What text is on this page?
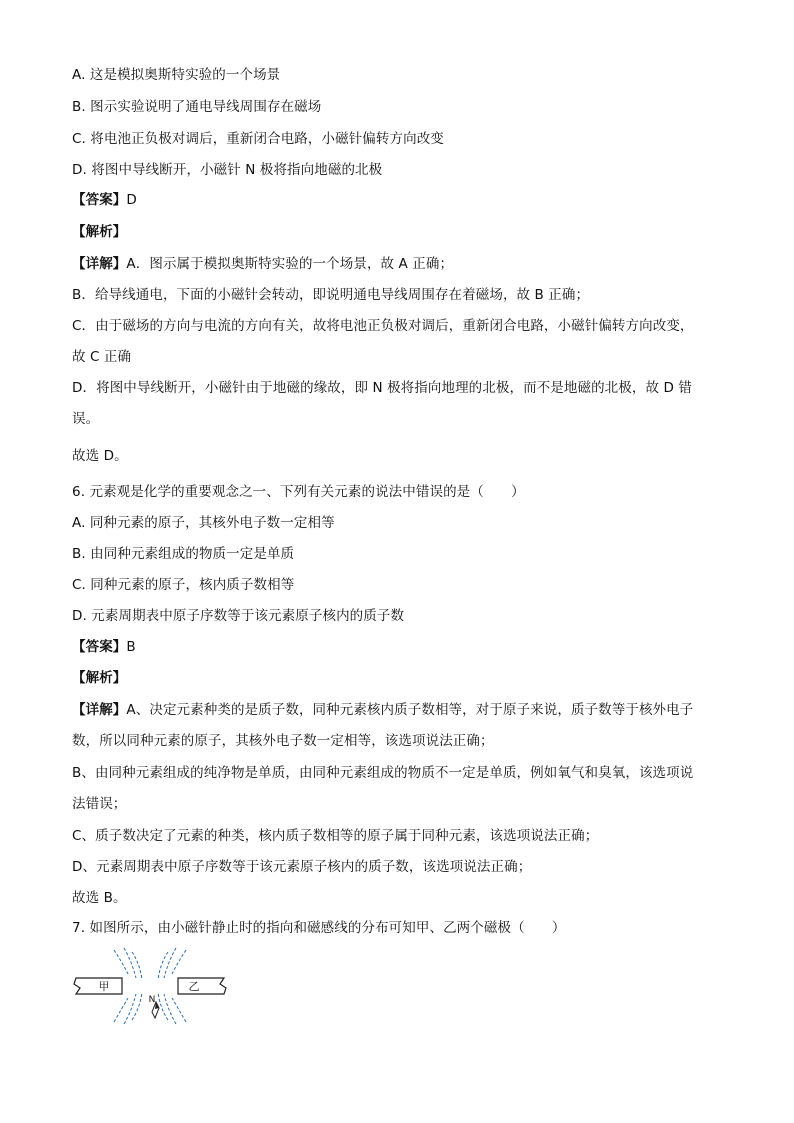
A. 这是模拟奥斯特实验的一个场景
B. 图示实验说明了通电导线周围存在磁场
C. 将电池正负极对调后，重新闭合电路，小磁针偏转方向改变
D. 将图中导线断开，小磁针 N 极将指向地磁的北极
【答案】D
【解析】
【详解】A．图示属于模拟奥斯特实验的一个场景，故 A 正确；
B．给导线通电，下面的小磁针会转动，即说明通电导线周围存在着磁场，故 B 正确；
C．由于磁场的方向与电流的方向有关，故将电池正负极对调后，重新闭合电路，小磁针偏转方向改变，
故 C 正确
D．将图中导线断开，小磁针由于地磁的缘故，即 N 极将指向地理的北极，而不是地磁的北极，故 D 错
误。
故选 D。
6. 元素观是化学的重要观念之一、下列有关元素的说法中错误的是（　　）
A. 同种元素的原子，其核外电子数一定相等
B. 由同种元素组成的物质一定是单质
C. 同种元素的原子，核内质子数相等
D. 元素周期表中原子序数等于该元素原子核内的质子数
【答案】B
【解析】
【详解】A、决定元素种类的是质子数，同种元素核内质子数相等，对于原子来说，质子数等于核外电子
数，所以同种元素的原子，其核外电子数一定相等，该选项说法正确；
B、由同种元素组成的纯净物是单质，由同种元素组成的物质不一定是单质，例如氧气和臭氧，该选项说
法错误；
C、质子数决定了元素的种类，核内质子数相等的原子属于同种元素，该选项说法正确；
D、元素周期表中原子序数等于该元素原子核内的质子数，该选项说法正确；
故选 B。
7. 如图所示，由小磁针静止时的指向和磁感线的分布可知甲、乙两个磁极（　　）
甲	乙
N
